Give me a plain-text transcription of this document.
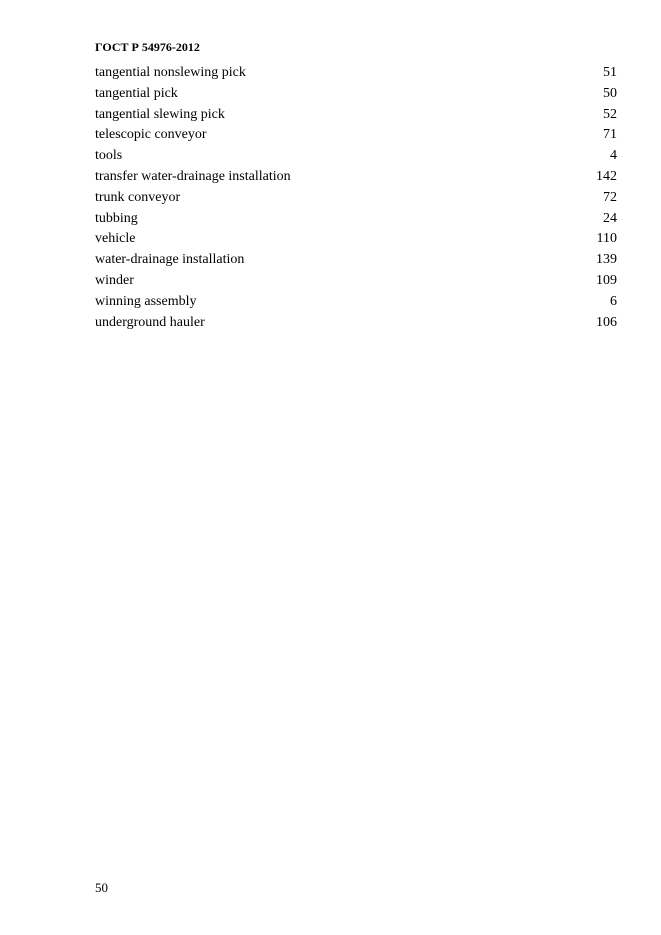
ГОСТ Р 54976-2012
tangential nonslewing pick	51
tangential pick	50
tangential slewing pick	52
telescopic conveyor	71
tools	4
transfer water-drainage installation	142
trunk conveyor	72
tubbing	24
vehicle	110
water-drainage installation	139
winder	109
winning assembly	6
underground hauler	106
50
